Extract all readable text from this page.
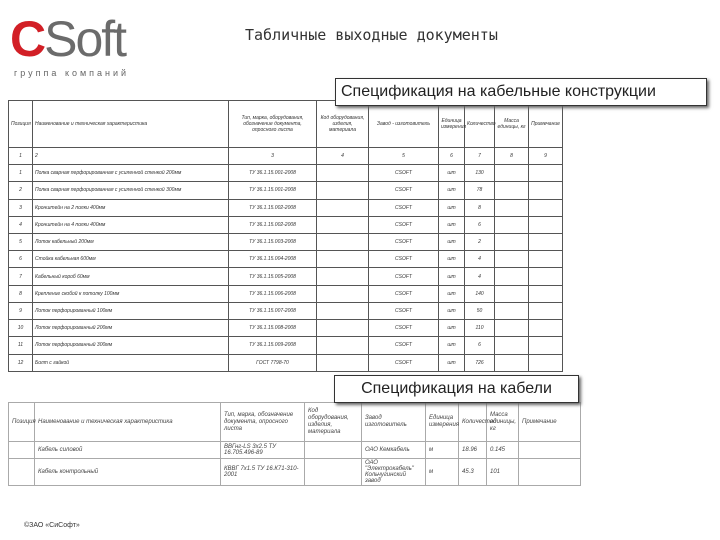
CSoft
группа компаний
Табличные выходные документы
Спецификация на кабельные конструкции
Позиция	Наименование и техническая характеристика	Тип, марка, оборудования, обозначение документа, опросного листа	Код оборудования, изделия, материала	Завод - изготовитель	Единица измерения	Количество	Масса единицы, кг	Примечание
1	2	3	4	5	6	7	8	9
1	Полка сварная перфорированная с усиленной стенкой 200мм	ТУ 36.1.15.001-2008		CSOFT	шт	130		
2	Полка сварная перфорированная с усиленной стенкой 300мм	ТУ 36.1.15.001-2008		CSOFT	шт	78		
3	Кронштейн на 2 полки 400мм	ТУ 36.1.15.002-2008		CSOFT	шт	8		
4	Кронштейн на 4 полки 400мм	ТУ 36.1.15.002-2008		CSOFT	шт	6		
5	Лоток кабельный 200мм	ТУ 36.1.15.003-2008		CSOFT	шт	2		
6	Стойка кабельная 600мм	ТУ 36.1.15.004-2008		CSOFT	шт	4		
7	Кабельный короб 60мм	ТУ 36.1.15.005-2008		CSOFT	шт	4		
8	Крепление скобой к потолку 100мм	ТУ 36.1.15.006-2008		CSOFT	шт	140		
9	Лоток перфорированный 100мм	ТУ 36.1.15.007-2008		CSOFT	шт	50		
10	Лоток перфорированный 200мм	ТУ 36.1.15.008-2008		CSOFT	шт	110		
11	Лоток перфорированный 300мм	ТУ 36.1.15.009-2008		CSOFT	шт	6		
12	Болт с гайкой	ГОСТ 7798-70		CSOFT	шт	726		
Спецификация на кабели
Позиция	Наименование и техническая характеристика	Тип, марка, обозначение документа, опросного листа	Код оборудования, изделия, материала	Завод изготовитель	Единица измерения	Количество	Масса единицы, кг	Примечание
	Кабель силовой	ВВГнг-LS 3х2.5 ТУ 16.705.496-89		ОАО Кемкабель	м	18.96	0.145	
	Кабель контрольный	КВВГ 7х1.5 ТУ 16.К71-310-2001		ОАО "Электрокабель" Кольчугинский завод	м	45.3	101	
©ЗАО «СиСофт»
